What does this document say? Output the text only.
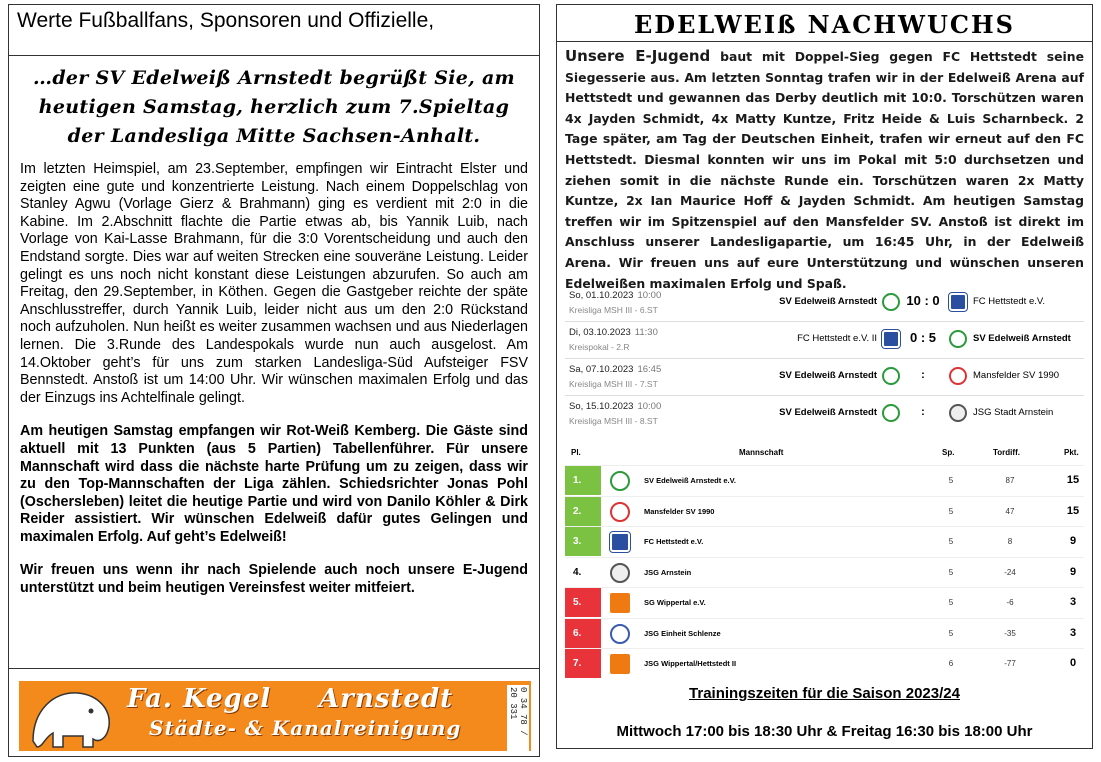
Werte Fußballfans, Sponsoren und Offizielle,
…der SV Edelweiß Arnstedt begrüßt Sie, am heutigen Samstag, herzlich zum 7.Spieltag der Landesliga Mitte Sachsen-Anhalt.
Im letzten Heimspiel, am 23.September, empfingen wir Eintracht Elster und zeigten eine gute und konzentrierte Leistung. Nach einem Doppelschlag von Stanley Agwu (Vorlage Gierz & Brahmann) ging es verdient mit 2:0 in die Kabine. Im 2.Abschnitt flachte die Partie etwas ab, bis Yannik Luib, nach Vorlage von Kai-Lasse Brahmann, für die 3:0 Vorentscheidung und auch den Endstand sorgte. Dies war auf weiten Strecken eine souveräne Leistung. Leider gelingt es uns noch nicht konstant diese Leistungen abzurufen. So auch am Freitag, den 29.September, in Köthen. Gegen die Gastgeber reichte der späte Anschlusstreffer, durch Yannik Luib, leider nicht aus um den 2:0 Rückstand noch aufzuholen. Nun heißt es weiter zusammen wachsen und aus Niederlagen lernen. Die 3.Runde des Landespokals wurde nun auch ausgelost. Am 14.Oktober geht’s für uns zum starken Landesliga-Süd Aufsteiger FSV Bennstedt. Anstoß ist um 14:00 Uhr. Wir wünschen maximalen Erfolg und das der Einzugs ins Achtelfinale gelingt.
Am heutigen Samstag empfangen wir Rot-Weiß Kemberg. Die Gäste sind aktuell mit 13 Punkten (aus 5 Partien) Tabellenführer. Für unsere Mannschaft wird dass die nächste harte Prüfung um zu zeigen, dass wir zu den Top-Mannschaften der Liga zählen. Schiedsrichter Jonas Pohl (Oschersleben) leitet die heutige Partie und wird von Danilo Köhler & Dirk Reider assistiert. Wir wünschen Edelweiß dafür gutes Gelingen und maximalen Erfolg. Auf geht’s Edelweiß!
Wir freuen uns wenn ihr nach Spielende auch noch unsere E-Jugend unterstützt und beim heutigen Vereinsfest weiter mitfeiert.
Fa. Kegel Arnstedt
Städte- & Kanalreinigung	0 34 78 / 20 331
EDELWEIß NACHWUCHS
Unsere E-Jugend baut mit Doppel-Sieg gegen FC Hettstedt seine Siegesserie aus. Am letzten Sonntag trafen wir in der Edelweiß Arena auf Hettstedt und gewannen das Derby deutlich mit 10:0. Torschützen waren 4x Jayden Schmidt, 4x Matty Kuntze, Fritz Heide & Luis Scharnbeck. 2 Tage später, am Tag der Deutschen Einheit, trafen wir erneut auf den FC Hettstedt. Diesmal konnten wir uns im Pokal mit 5:0 durchsetzen und ziehen somit in die nächste Runde ein. Torschützen waren 2x Matty Kuntze, 2x Ian Maurice Hoff & Jayden Schmidt. Am heutigen Samstag treffen wir im Spitzenspiel auf den Mansfelder SV. Anstoß ist direkt im Anschluss unserer Landesligapartie, um 16:45 Uhr, in der Edelweiß Arena. Wir freuen uns auf eure Unterstützung und wünschen unseren Edelweißen maximalen Erfolg und Spaß.
So, 01.10.2023 10:00
Kreisliga MSH III - 6.ST
SV Edelweiß Arnstedt	10 : 0	FC Hettstedt e.V.
Di, 03.10.2023 11:30
Kreispokal - 2.R
FC Hettstedt e.V. II	0 : 5	SV Edelweiß Arnstedt
Sa, 07.10.2023 16:45
Kreisliga MSH III - 7.ST
SV Edelweiß Arnstedt	:	Mansfelder SV 1990
So, 15.10.2023 10:00
Kreisliga MSH III - 8.ST
SV Edelweiß Arnstedt	:	JSG Stadt Arnstein
Pl.	Mannschaft	Sp.	Tordiff.	Pkt.
1.	SV Edelweiß Arnstedt e.V.	5	87	15
2.	Mansfelder SV 1990	5	47	15
3.	FC Hettstedt e.V.	5	8	9
4.	JSG Arnstein	5	-24	9
5.	SG Wippertal e.V.	5	-6	3
6.	JSG Einheit Schlenze	5	-35	3
7.	JSG Wippertal/Hettstedt II	6	-77	0
Trainingszeiten für die Saison 2023/24
Mittwoch 17:00 bis 18:30 Uhr & Freitag 16:30 bis 18:00 Uhr
